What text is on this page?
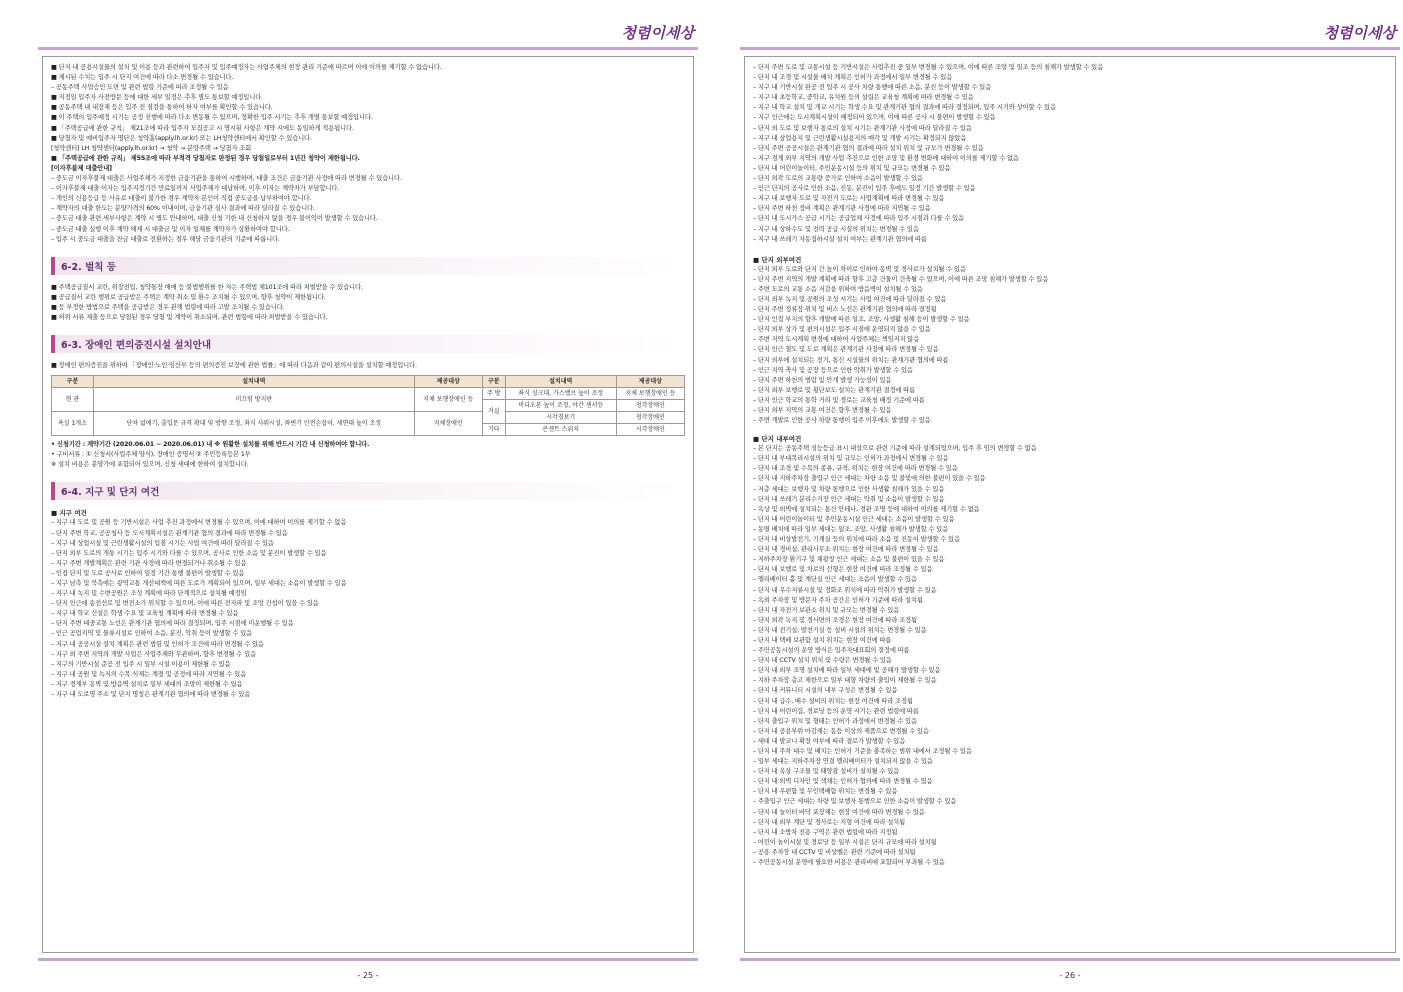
청렴이세상
■ 단지 내 공용시설물의 설치 및 이용 등과 관련하여 입주자 및 입주예정자는 사업주체의 현장 관리 기준에 따르며 이에 이의를 제기할 수 없습니다.
■ 제시된 수치는 입주 시 단지 여건에 따라 다소 변경될 수 있습니다.
– 공동주택 사업승인 도면 및 관련 법령 기준에 따라 조정될 수 있음
■ 지정일 입주자 사전방문 등에 대한 세부 일정은 추후 별도 통보할 예정입니다.
■ 공동주택 내 내장재 등은 입주 전 점검을 통하여 하자 여부를 확인할 수 있습니다.
■ 이 주택의 입주예정 시기는 공정 진행에 따라 다소 변동될 수 있으며, 정확한 입주 시기는 추후 개별 통보할 예정입니다.
■ 「주택공급에 관한 규칙」 제21조에 따라 입주자 모집공고 시 명시된 사항은 계약 시에도 동일하게 적용됩니다.
■ 당첨자 및 예비입주자 명단은 청약홈(apply.lh.or.kr) 또는 LH청약센터에서 확인할 수 있습니다.
[청약센터] LH 청약센터(apply.lh.or.kr) → 청약 → 분양주택 → 당첨자 조회
■ 「주택공급에 관한 규칙」 제55조에 따라 부적격 당첨자로 판정된 경우 당첨일로부터 1년간 청약이 제한됩니다.
[이자후불제 대출안내]
– 중도금 이자후불제 대출은 사업주체가 지정한 금융기관을 통하여 시행하며, 대출 조건은 금융기관 사정에 따라 변경될 수 있습니다.
– 이자후불제 대출 이자는 입주지정기간 만료일까지 사업주체가 대납하며, 이후 이자는 계약자가 부담합니다.
– 개인의 신용등급 등 사유로 대출이 불가한 경우 계약자 본인이 직접 중도금을 납부하여야 합니다.
– 계약자의 대출 한도는 분양가격의 60% 이내이며, 금융기관 심사 결과에 따라 달라질 수 있습니다.
– 중도금 대출 관련 세부사항은 계약 시 별도 안내하며, 대출 신청 기한 내 신청하지 않을 경우 불이익이 발생할 수 있습니다.
– 중도금 대출 실행 이후 계약 해제 시 대출금 및 이자 일체를 계약자가 상환하여야 합니다.
– 입주 시 중도금 대출을 잔금 대출로 전환하는 경우 해당 금융기관의 기준에 따릅니다.
6-2. 벌칙 등
■ 주택공급질서 교란, 위장전입, 청약통장 매매 등 불법행위를 한 자는 주택법 제101조에 따라 처벌받을 수 있습니다.
■ 공급질서 교란 행위로 공급받은 주택은 계약 취소 및 환수 조치될 수 있으며, 향후 청약이 제한됩니다.
■ 등 부정한 방법으로 주택을 공급받은 경우 관계 법령에 따라 고발 조치될 수 있습니다.
■ 허위 서류 제출 등으로 당첨된 경우 당첨 및 계약이 취소되며, 관련 법령에 따라 처벌받을 수 있습니다.
6-3. 장애인 편의증진시설 설치안내
■ 장애인 편의증진을 위하여 「장애인·노인·임산부 등의 편의증진 보장에 관한 법률」에 따라 다음과 같이 편의시설을 설치할 예정입니다.
구분	설치내역	제공대상	구분	설치내역	제공대상
현 관	미끄럼 방지판	지체 보행장애인 등	주 방	좌식 싱크대, 가스밸브 높이 조정	지체 보행장애인 등
			거실	비디오폰 높이 조정, 야간 센서등	청각장애인
욕실 1개소	단차 없애기, 출입문 규격 확대 및 방향 조정, 좌식 샤워시설, 좌변기 안전손잡이, 세면대 높이 조정	지체장애인		시각경보기	청각장애인
			기타	콘센트 스위치	시각장애인
• 신청기간 : 계약기간 (2020.06.01 ~ 2020.06.01) 내 ※ 원활한 설치를 위해 반드시 기간 내 신청하여야 합니다.
• 구비서류 : ① 신청서(사업주체 양식), 장애인 증명서 ② 주민등록등본 1부
※ 설치 비용은 분양가에 포함되어 있으며, 신청 세대에 한하여 설치합니다.
6-4. 지구 및 단지 여건
■ 지구 여건
– 지구 내 도로 및 공원 등 기반시설은 사업 추진 과정에서 변경될 수 있으며, 이에 대하여 이의를 제기할 수 없음
– 단지 주변 학교, 공공청사 등 도시계획시설은 관계기관 협의 결과에 따라 변경될 수 있음
– 지구 내 상업시설 및 근린생활시설의 입점 시기는 사업 여건에 따라 달라질 수 있음
– 단지 외부 도로의 개통 시기는 입주 시기와 다를 수 있으며, 공사로 인한 소음 및 분진이 발생할 수 있음
– 지구 주변 개발계획은 관련 기관 사정에 따라 변경되거나 취소될 수 있음
– 인접 단지 및 도로 공사로 인하여 일정 기간 통행 불편이 발생할 수 있음
– 지구 남측 및 북측에는 광역교통 개선대책에 따른 도로가 계획되어 있으며, 일부 세대는 소음이 발생할 수 있음
– 지구 내 녹지 및 수변공원은 조성 계획에 따라 단계적으로 설치될 예정임
– 단지 인근에 송전선로 및 변전소가 위치할 수 있으며, 이에 따른 전자파 및 조망 간섭이 있을 수 있음
– 지구 내 학교 신설은 학생 수요 및 교육청 계획에 따라 변경될 수 있음
– 단지 주변 대중교통 노선은 관계기관 협의에 따라 결정되며, 입주 시점에 미운행될 수 있음
– 인근 공업지역 및 물류시설로 인하여 소음, 분진, 악취 등이 발생할 수 있음
– 지구 내 공공시설 설치 계획은 관련 법령 및 인허가 조건에 따라 변경될 수 있음
– 지구 외 주변 지역의 개발 사업은 사업주체와 무관하며, 향후 변경될 수 있음
– 지구의 기반시설 준공 전 입주 시 일부 시설 이용이 제한될 수 있음
– 지구 내 공원 및 녹지의 수목 식재는 계절 및 공정에 따라 지연될 수 있음
– 지구 경계부 옹벽 및 방음벽 설치로 일부 세대의 조망이 제한될 수 있음
– 지구 내 도로명 주소 및 단지 명칭은 관계기관 협의에 따라 변경될 수 있음
- 25 -
청렴이세상
– 단지 주변 도로 및 교통시설 등 기반시설은 사업추진 중 일부 변경될 수 있으며, 이에 따른 조망 및 일조 등의 침해가 발생할 수 있음
– 단지 내 조경 및 시설물 배치 계획은 인허가 과정에서 일부 변경될 수 있음
– 지구 내 기반시설 완공 전 입주 시 공사 차량 통행에 따른 소음, 분진 등이 발생할 수 있음
– 지구 내 초등학교, 중학교, 유치원 등의 설립은 교육청 계획에 따라 변경될 수 있음
– 지구 내 학교 설치 및 개교 시기는 학생 수요 및 관계기관 협의 결과에 따라 결정되며, 입주 시기와 상이할 수 있음
– 지구 인근에는 도시계획시설이 예정되어 있으며, 이에 따른 공사 시 불편이 발생할 수 있음
– 단지 외 도로 및 보행자 통로의 설치 시기는 관계기관 사정에 따라 달라질 수 있음
– 지구 내 상업용지 및 근린생활시설용지의 매각 및 개발 시기는 확정되지 않았음
– 단지 주변 공공시설은 관계기관 협의 결과에 따라 설치 위치 및 규모가 변경될 수 있음
– 지구 경계 외부 지역의 개발 사업 추진으로 인한 조망 및 환경 변화에 대하여 이의를 제기할 수 없음
– 단지 내 어린이놀이터, 주민운동시설 등의 위치 및 규모는 변경될 수 있음
– 단지 외곽 도로의 교통량 증가로 인하여 소음이 발생할 수 있음
– 인근 단지의 공사로 인한 소음, 진동, 분진이 입주 후에도 일정 기간 발생할 수 있음
– 지구 내 보행자 도로 및 자전거 도로는 사업계획에 따라 변경될 수 있음
– 단지 주변 하천 정비 계획은 관계기관 사정에 따라 지연될 수 있음
– 단지 내 도시가스 공급 시기는 공급업체 사정에 따라 입주 시점과 다를 수 있음
– 지구 내 상하수도 및 전력 공급 시설의 위치는 변경될 수 있음
– 지구 내 쓰레기 자동집하시설 설치 여부는 관계기관 협의에 따름
■ 단지 외부여건
– 단지 외부 도로와 단지 간 높이 차이로 인하여 옹벽 및 경사로가 설치될 수 있음
– 단지 주변 지역의 개발 계획에 따라 향후 고층 건물이 건축될 수 있으며, 이에 따른 조망 침해가 발생할 수 있음
– 주변 도로의 교통 소음 저감을 위하여 방음벽이 설치될 수 있음
– 단지 외부 녹지 및 공원의 조성 시기는 사업 여건에 따라 달라질 수 있음
– 단지 주변 정류장 위치 및 버스 노선은 관계기관 협의에 따라 결정됨
– 단지 인접 부지의 향후 개발에 따른 일조, 조망, 사생활 침해 등이 발생할 수 있음
– 단지 외부 상가 및 편의시설은 입주 시점에 운영되지 않을 수 있음
– 주변 지역 도시계획 변경에 대하여 사업주체는 책임지지 않음
– 단지 인근 철도 및 도로 계획은 관계기관 사정에 따라 변경될 수 있음
– 단지 외부에 설치되는 전기, 통신 시설물의 위치는 관계기관 협의에 따름
– 인근 지역 축사 및 공장 등으로 인한 악취가 발생할 수 있음
– 단지 주변 하천의 범람 및 안개 발생 가능성이 있음
– 단지 외부 보행로 및 횡단보도 설치는 관계기관 결정에 따름
– 단지 인근 학교의 통학 거리 및 경로는 교육청 배정 기준에 따름
– 단지 외부 지역의 교통 여건은 향후 변경될 수 있음
– 주변 개발로 인한 공사 차량 통행이 입주 이후에도 발생할 수 있음
■ 단지 내부여건
– 본 단지는 공동주택 성능등급 표시 대상으로 관련 기준에 따라 설계되었으며, 입주 후 임의 변경할 수 없음
– 단지 내 부대복리시설의 위치 및 규모는 인허가 과정에서 변경될 수 있음
– 단지 내 조경 및 수목의 종류, 규격, 위치는 현장 여건에 따라 변경될 수 있음
– 단지 내 지하주차장 출입구 인근 세대는 차량 소음 및 불빛에 의한 불편이 있을 수 있음
– 저층 세대는 보행자 및 차량 통행으로 인한 사생활 침해가 있을 수 있음
– 단지 내 쓰레기 분리수거장 인근 세대는 악취 및 소음이 발생할 수 있음
– 옥상 및 외벽에 설치되는 통신 안테나, 경관 조명 등에 대하여 이의를 제기할 수 없음
– 단지 내 어린이놀이터 및 주민운동시설 인근 세대는 소음이 발생할 수 있음
– 동별 배치에 따라 일부 세대는 일조, 조망, 사생활 침해가 발생할 수 있음
– 단지 내 비상발전기, 기계실 등의 위치에 따라 소음 및 진동이 발생할 수 있음
– 단지 내 경비실, 관리사무소 위치는 현장 여건에 따라 변경될 수 있음
– 지하주차장 환기구 및 채광창 인근 세대는 소음 및 불편이 있을 수 있음
– 단지 내 보행로 및 차로의 선형은 현장 여건에 따라 조정될 수 있음
– 엘리베이터 홀 및 계단실 인근 세대는 소음이 발생할 수 있음
– 단지 내 우수저류시설 및 정화조 위치에 따라 악취가 발생할 수 있음
– 옥외 주차장 및 방문자 주차 공간은 인허가 기준에 따라 설치됨
– 단지 내 자전거 보관소 위치 및 규모는 변경될 수 있음
– 단지 외곽 녹지 및 경사면의 조경은 현장 여건에 따라 조정됨
– 단지 내 전기실, 발전기실 등 설비 시설의 위치는 변경될 수 있음
– 단지 내 택배 보관함 설치 위치는 현장 여건에 따름
– 주민공동시설의 운영 방식은 입주자대표회의 결정에 따름
– 단지 내 CCTV 설치 위치 및 수량은 변경될 수 있음
– 단지 내 외부 조명 설치에 따라 일부 세대에 빛 공해가 발생할 수 있음
– 지하 주차장 층고 제한으로 일부 대형 차량의 출입이 제한될 수 있음
– 단지 내 커뮤니티 시설의 내부 구성은 변경될 수 있음
– 단지 내 급수, 배수 설비의 위치는 현장 여건에 따라 조정됨
– 단지 내 어린이집, 경로당 등의 운영 시기는 관련 법령에 따름
– 단지 출입구 위치 및 형태는 인허가 과정에서 변경될 수 있음
– 단지 내 공용부위 마감재는 동등 이상의 제품으로 변경될 수 있음
– 세대 내 발코니 확장 여부에 따라 결로가 발생할 수 있음
– 단지 내 주차 대수 및 배치는 인허가 기준을 충족하는 범위 내에서 조정될 수 있음
– 일부 세대는 지하주차장 연결 엘리베이터가 설치되지 않을 수 있음
– 단지 내 옥상 구조물 및 태양광 설비가 설치될 수 있음
– 단지 내 외벽 디자인 및 색채는 인허가 협의에 따라 변경될 수 있음
– 단지 내 우편함 및 무인택배함 위치는 변경될 수 있음
– 주출입구 인근 세대는 차량 및 보행자 통행으로 인한 소음이 발생할 수 있음
– 단지 내 놀이터 바닥 포장재는 현장 여건에 따라 변경될 수 있음
– 단지 내 외부 계단 및 경사로는 지형 여건에 따라 설치됨
– 단지 내 소방차 전용 구역은 관련 법령에 따라 지정됨
– 어린이 놀이시설 및 경로당 등 일부 시설은 단지 규모에 따라 설치됨
– 공용 주차장 내 CCTV 및 비상벨은 관련 기준에 따라 설치됨
– 주민공동시설 운영에 필요한 비용은 관리비에 포함되어 부과될 수 있음
- 26 -
